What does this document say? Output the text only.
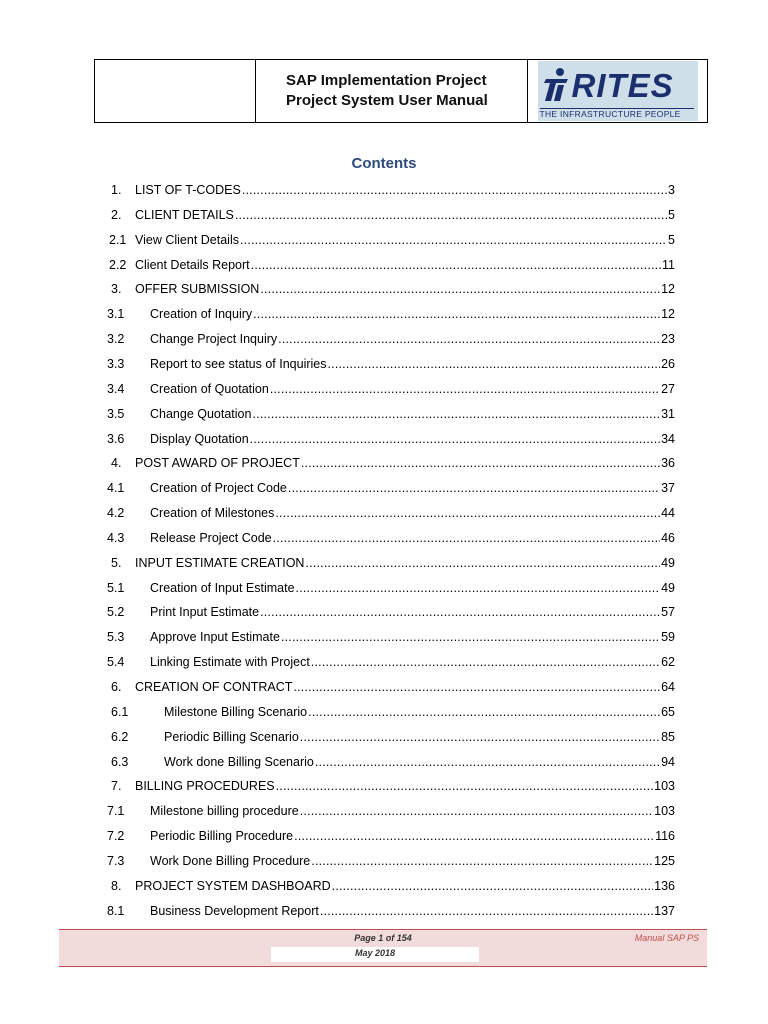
SAP Implementation Project
Project System User Manual	RITES
THE INFRASTRUCTURE PEOPLE
Contents
1. LIST OF T-CODES .....	3
2. CLIENT DETAILS .....	5
2.1 View Client Details .....	5
2.2 Client Details Report .....	11
3. OFFER SUBMISSION .....	12
3.1 Creation of Inquiry .....	12
3.2 Change Project Inquiry .....	23
3.3 Report to see status of Inquiries .....	26
3.4 Creation of Quotation .....	27
3.5 Change Quotation .....	31
3.6 Display Quotation .....	34
4. POST AWARD OF PROJECT .....	36
4.1 Creation of Project Code .....	37
4.2 Creation of Milestones .....	44
4.3 Release Project Code .....	46
5. INPUT ESTIMATE CREATION .....	49
5.1 Creation of Input Estimate .....	49
5.2 Print Input Estimate .....	57
5.3 Approve Input Estimate .....	59
5.4 Linking Estimate with Project .....	62
6. CREATION OF CONTRACT .....	64
6.1	Milestone Billing Scenario .....	65
6.2	Periodic Billing Scenario .....	85
6.3	Work done Billing Scenario .....	94
7. BILLING PROCEDURES .....	103
7.1 Milestone billing procedure .....	103
7.2 Periodic Billing Procedure .....	116
7.3 Work Done Billing Procedure .....	125
8. PROJECT SYSTEM DASHBOARD .....	136
8.1 Business Development Report .....	137
Page 1 of 154	Manual SAP PS
May 2018
